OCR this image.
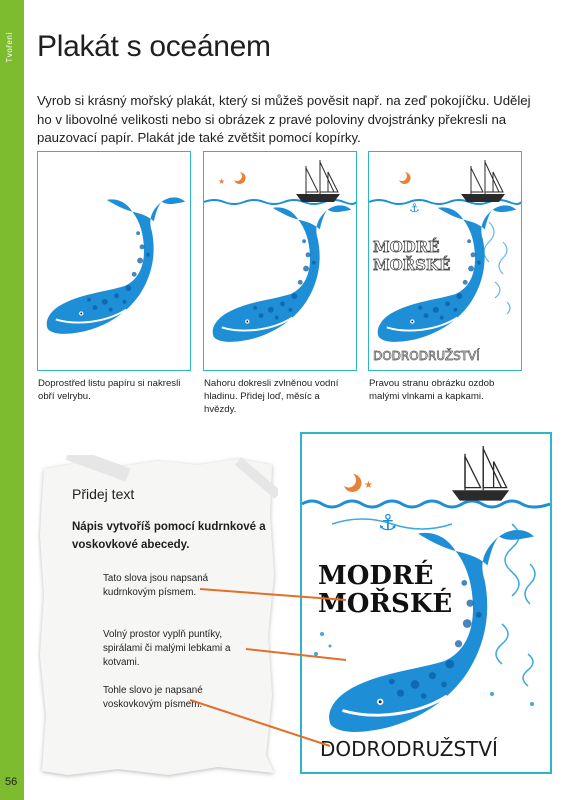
Tvoření
56
Plakát s oceánem
Vyrob si krásný mořský plakát, který si můžeš pověsit např. na zeď pokojíčku. Udělej ho v libovolné velikosti nebo si obrázek z pravé poloviny dvojstránky překresli na pauzovací papír. Plakát jde také zvětšit pomocí kopírky.
★
⚓
MODRÉ
MOŘSKÉ
DODRODRUŽSTVÍ
Doprostřed listu papíru si nakresli obří velrybu.
Nahoru dokresli zvlněnou vodní hladinu. Přidej loď, měsíc a hvězdy.
Pravou stranu obrázku ozdob malými vlnkami a kapkami.
Přidej text
Nápis vytvoříš pomocí kudrnkové a voskovkové abecedy.
Tato slova jsou napsaná kudrnkovým písmem.
Volný prostor vyplň puntíky, spirálami či malými lebkami a kotvami.
Tohle slovo je napsané voskovkovým písmem.
★
⚓
MODRÉ
MOŘSKÉ
DODRODRUŽSTVÍ
